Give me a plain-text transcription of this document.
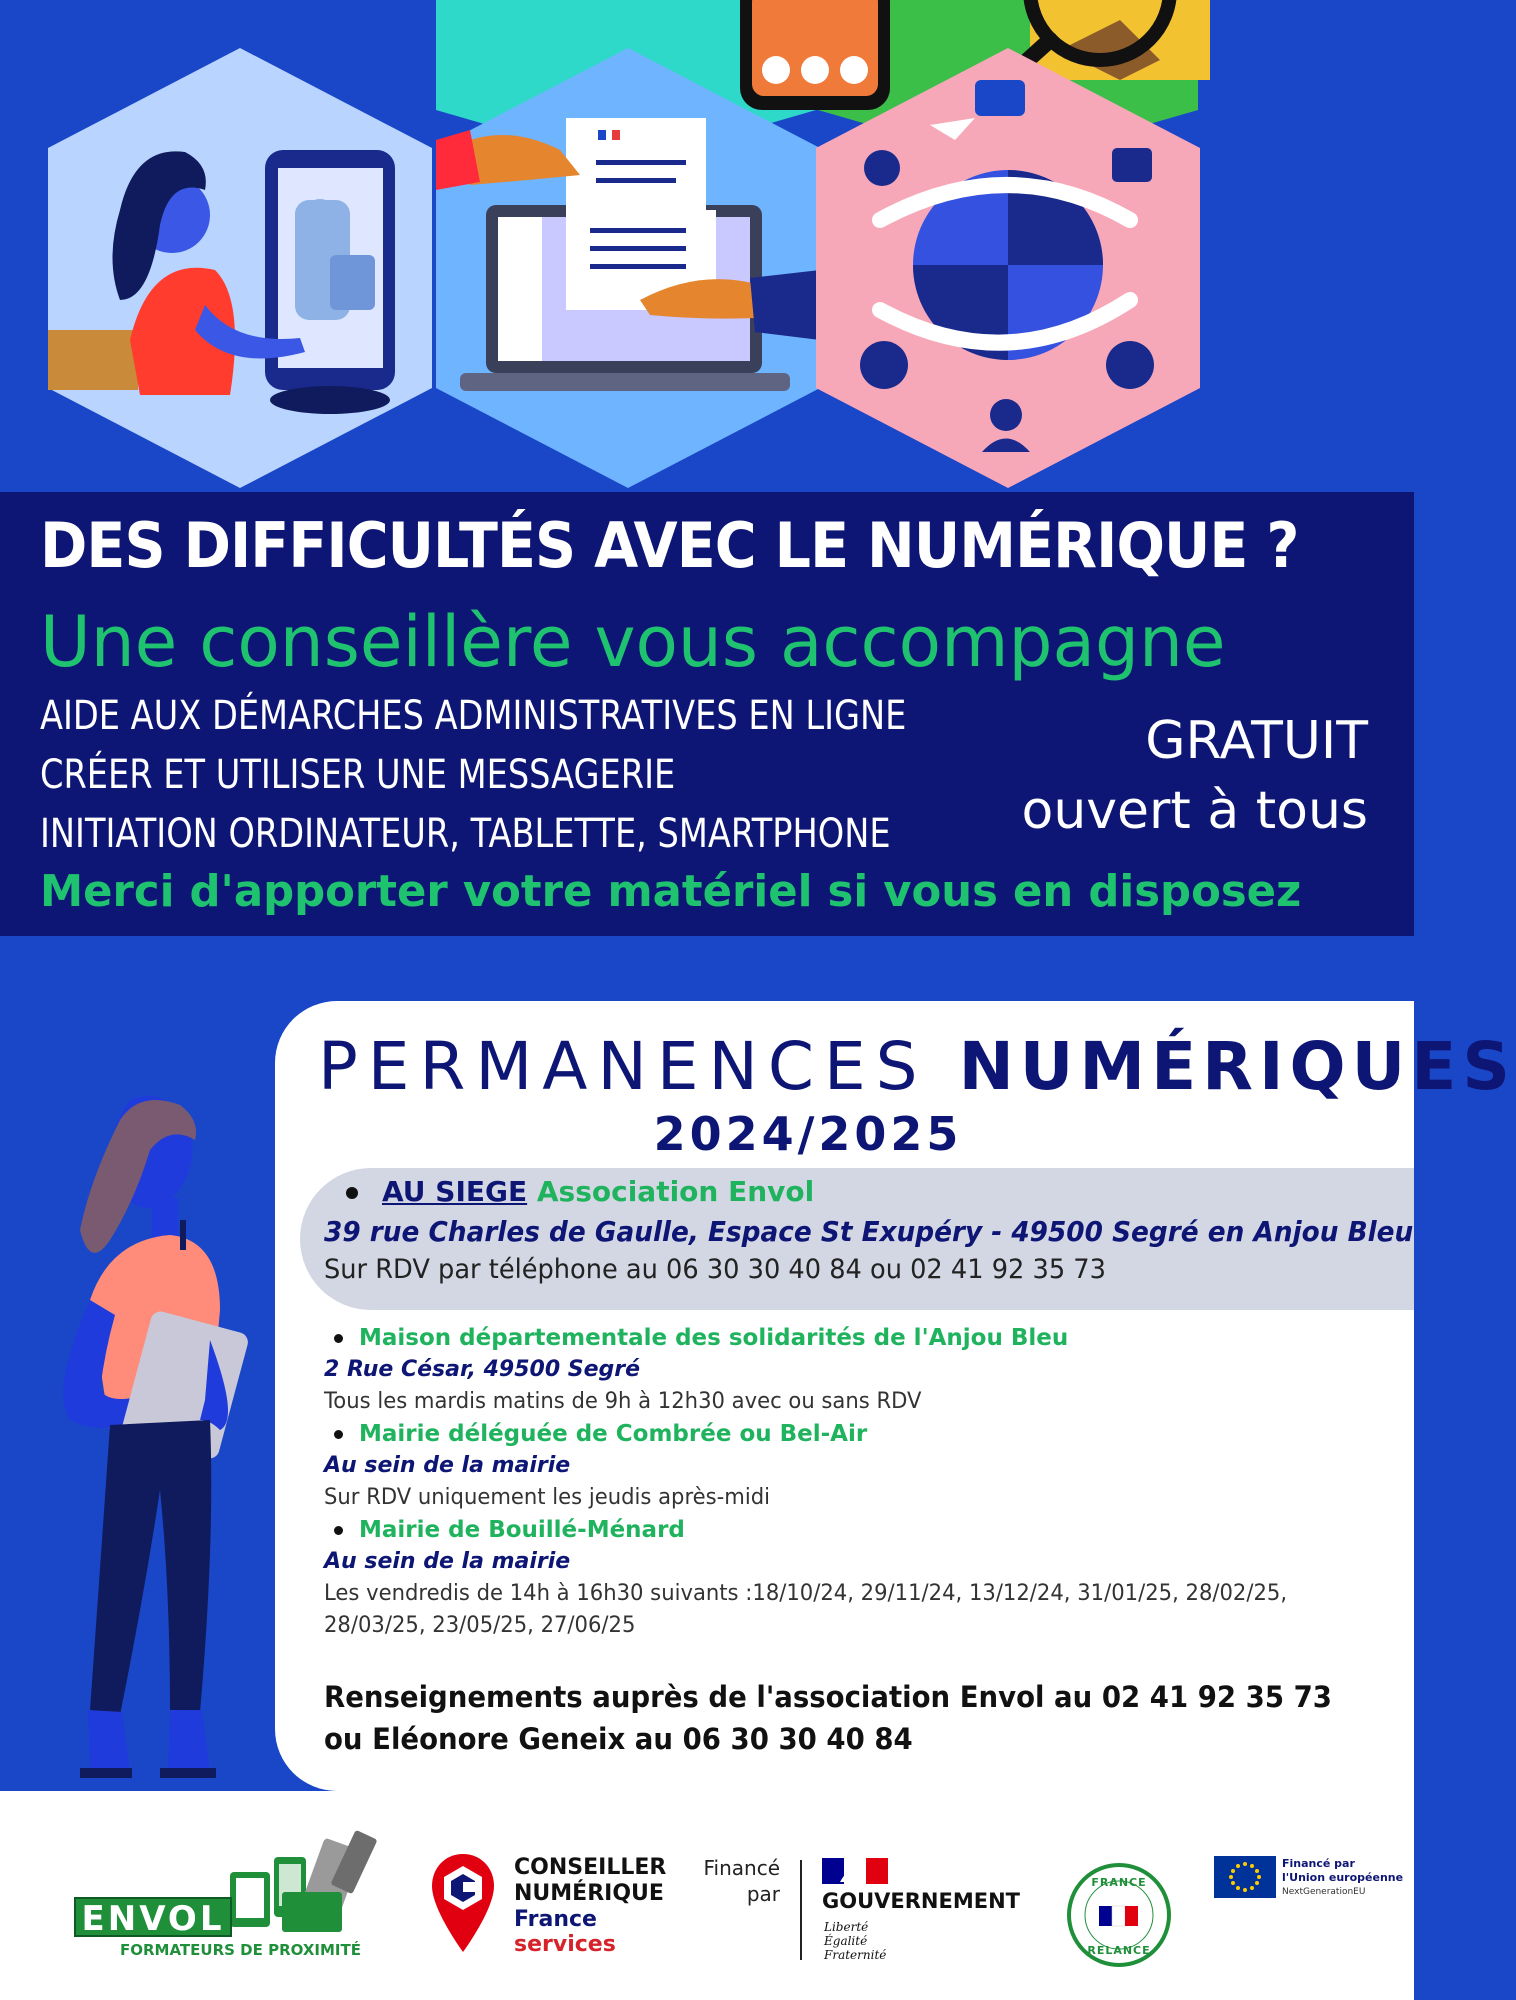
DES DIFFICULTÉS AVEC LE NUMÉRIQUE ?
Une conseillère vous accompagne
AIDE AUX DÉMARCHES ADMINISTRATIVES EN LIGNE
CRÉER ET UTILISER UNE MESSAGERIE
INITIATION ORDINATEUR, TABLETTE, SMARTPHONE
GRATUIT
ouvert à tous
Merci d'apporter votre matériel si vous en disposez
PERMANENCES NUMÉRIQUES
2024/2025
AU SIEGE Association Envol
39 rue Charles de Gaulle, Espace St Exupéry - 49500 Segré en Anjou Bleu
Sur RDV par téléphone au 06 30 30 40 84 ou 02 41 92 35 73
Maison départementale des solidarités de l'Anjou Bleu
2 Rue César, 49500 Segré
Tous les mardis matins de 9h à 12h30 avec ou sans RDV
Mairie déléguée de Combrée ou Bel-Air
Au sein de la mairie
Sur RDV uniquement les jeudis après-midi
Mairie de Bouillé-Ménard
Au sein de la mairie
Les vendredis de 14h à 16h30 suivants :18/10/24, 29/11/24, 13/12/24, 31/01/25, 28/02/25,
28/03/25, 23/05/25, 27/06/25
Renseignements auprès de l'association Envol au 02 41 92 35 73
ou Eléonore Geneix au 06 30 30 40 84
ENVOL
FORMATEURS DE PROXIMITÉ
CONSEILLER
NUMÉRIQUE
France
services
Financé
par GOUVERNEMENT
Liberté
Égalité
Fraternité
FRANCE
RELANCE
Financé par
l'Union européenne
NextGenerationEU
